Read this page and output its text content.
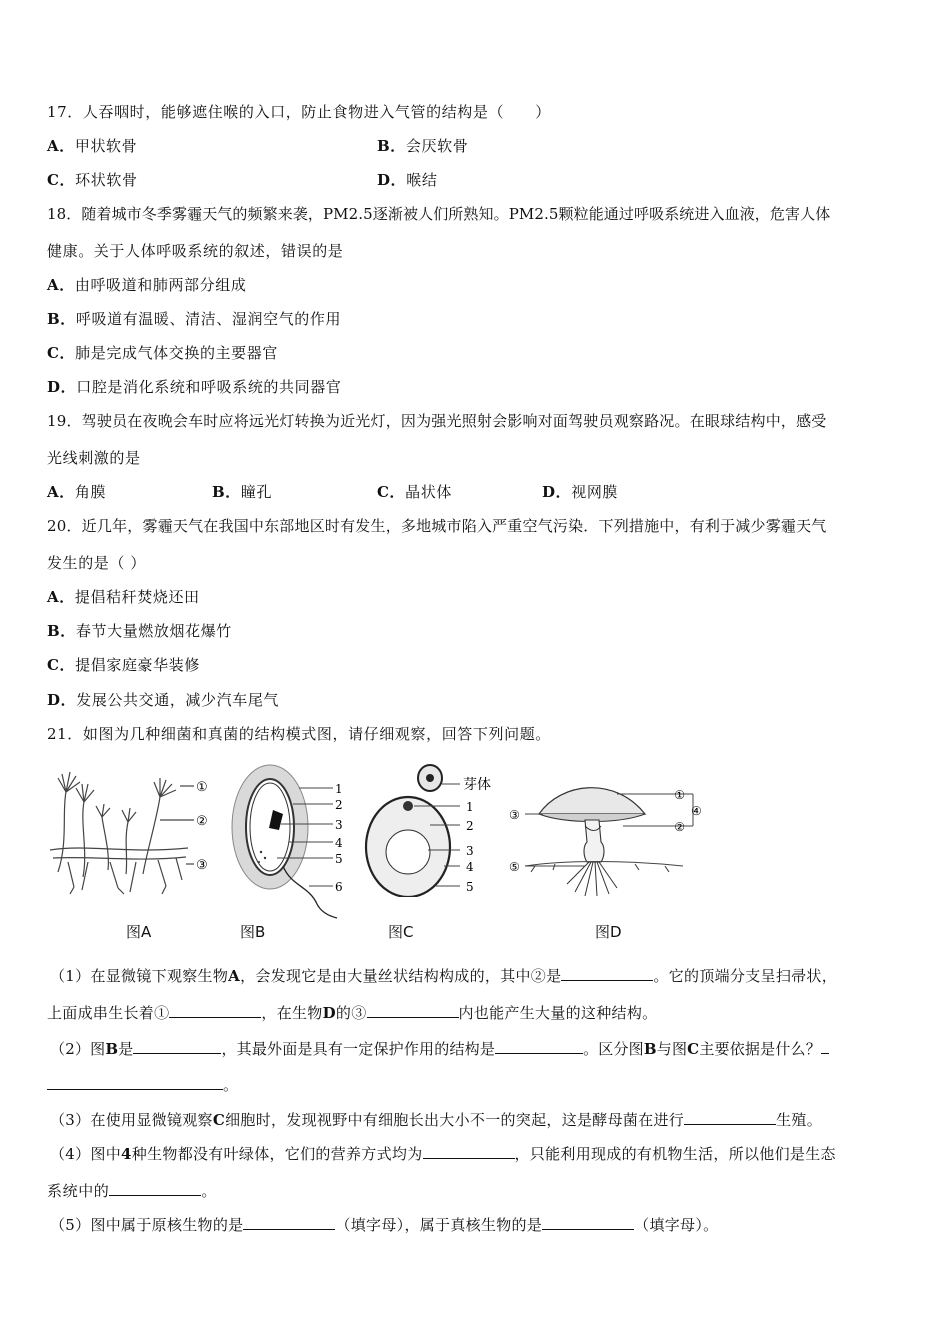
17．人吞咽时，能够遮住喉的入口，防止食物进入气管的结构是（　　）
A．甲状软骨	B．会厌软骨
C．环状软骨	D．喉结
18．随着城市冬季雾霾天气的频繁来袭，PM2.5逐渐被人们所熟知。PM2.5颗粒能通过呼吸系统进入血液，危害人体
健康。关于人体呼吸系统的叙述，错误的是
A．由呼吸道和肺两部分组成
B．呼吸道有温暖、清洁、湿润空气的作用
C．肺是完成气体交换的主要器官
D．口腔是消化系统和呼吸系统的共同器官
19．驾驶员在夜晚会车时应将远光灯转换为近光灯，因为强光照射会影响对面驾驶员观察路况。在眼球结构中，感受
光线刺激的是
A．角膜	B．瞳孔	C．晶状体	D．视网膜
20．近几年，雾霾天气在我国中东部地区时有发生，多地城市陷入严重空气污染．下列措施中，有利于减少雾霾天气
发生的是（ ）
A．提倡秸秆焚烧还田
B．春节大量燃放烟花爆竹
C．提倡家庭豪华装修
D．发展公共交通，减少汽车尾气
21．如图为几种细菌和真菌的结构模式图，请仔细观察，回答下列问题。
①
②
③
图A
1
2
3
4
5
6
图B
芽体
1
2
3
4
5
图C
①
②
③	④
⑤
图D
（1）在显微镜下观察生物A，会发现它是由大量丝状结构构成的，其中②是	。它的顶端分支呈扫帚状，
上面成串生长着①	，在生物D的③	内也能产生大量的这种结构。
（2）图B是	，其最外面是具有一定保护作用的结构是	。区分图B与图C主要依据是什么？
。
（3）在使用显微镜观察C细胞时，发现视野中有细胞长出大小不一的突起，这是酵母菌在进行	生殖。
（4）图中4种生物都没有叶绿体，它们的营养方式均为	，只能利用现成的有机物生活，所以他们是生态
系统中的	。
（5）图中属于原核生物的是	（填字母），属于真核生物的是	（填字母）。
